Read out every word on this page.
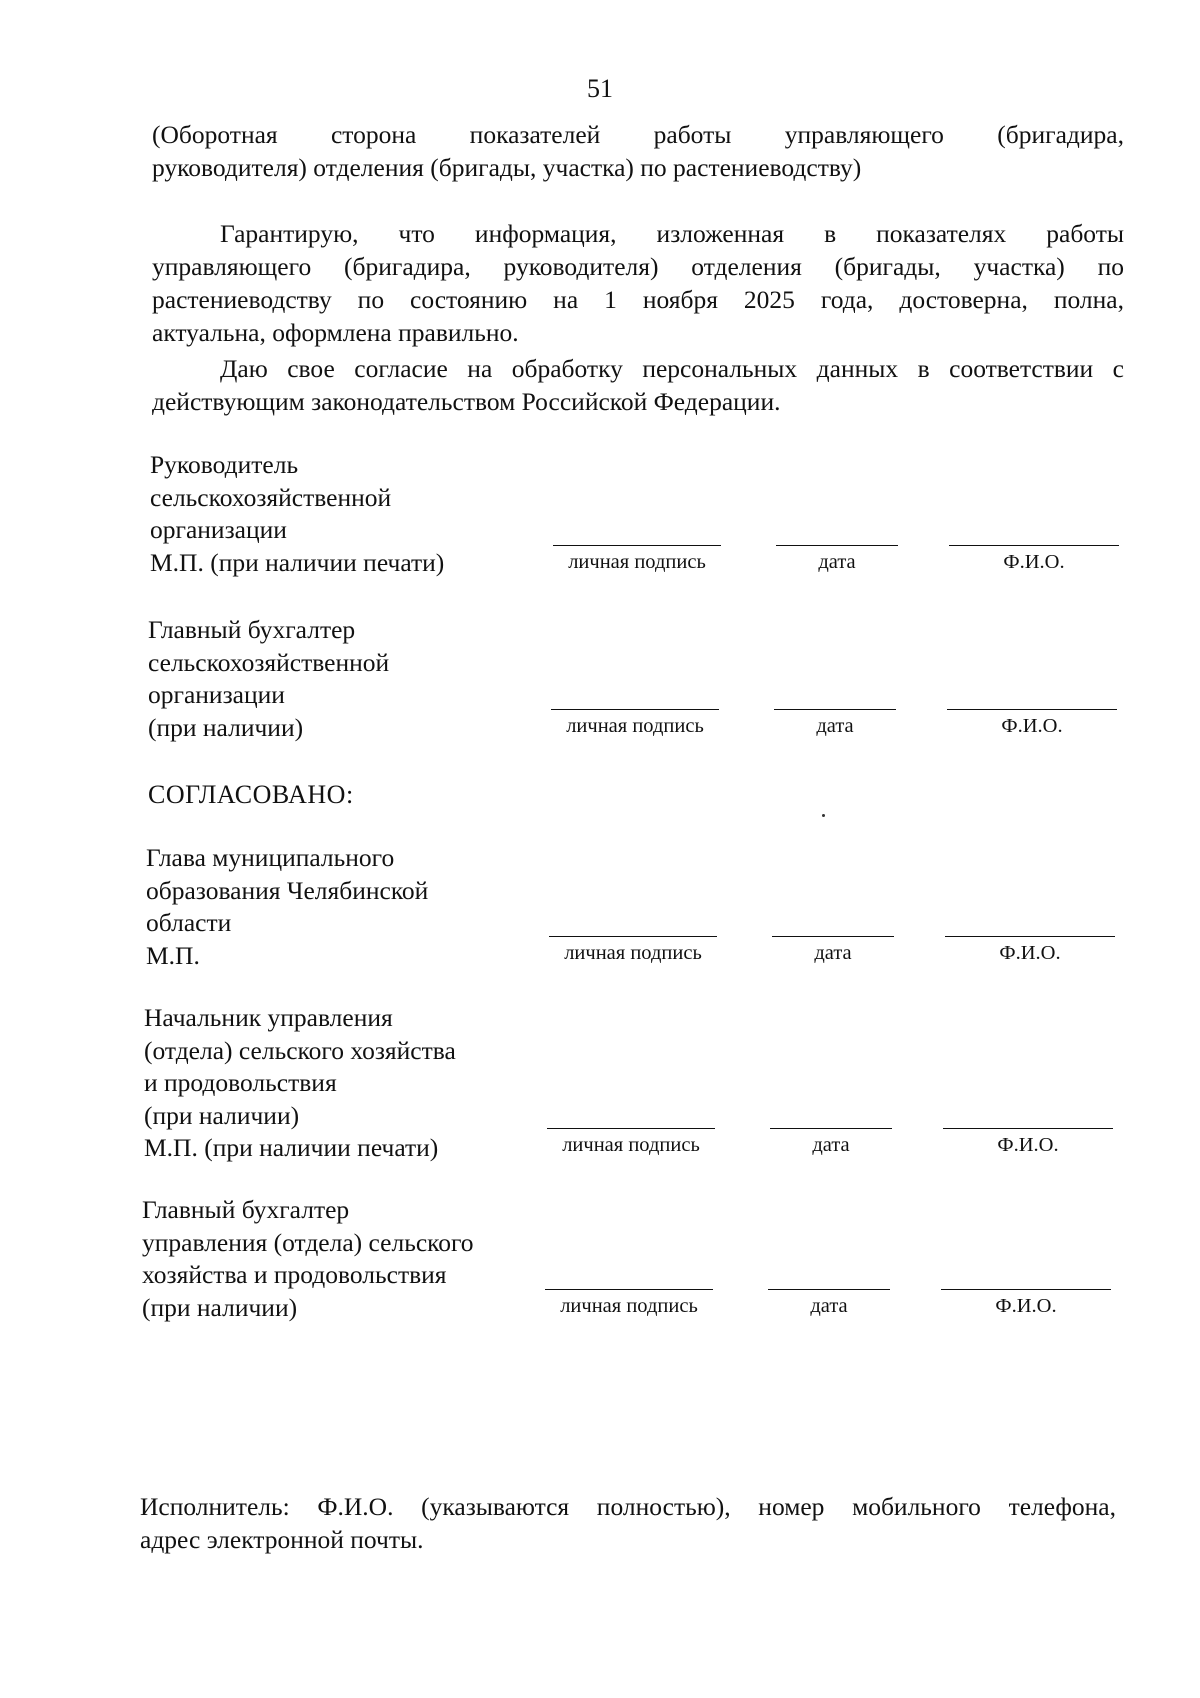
51

(Оборотная сторона показателей работы управляющего (бригадира,
руководителя) отделения (бригады, участка) по растениеводству)

Гарантирую, что информация, изложенная в показателях работы
управляющего (бригадира, руководителя) отделения (бригады, участка) по
растениеводству по состоянию на 1 ноября 2025 года, достоверна, полна,
актуальна, оформлена правильно.

Даю свое согласие на обработку персональных данных в соответствии с
действующим законодательством Российской Федерации.

Руководитель
сельскохозяйственной
организации
М.П. (при наличии печати)	личная подпись	дата	Ф.И.О.

Главный бухгалтер
сельскохозяйственной
организации
(при наличии)	личная подпись	дата	Ф.И.О.

СОГЛАСОВАНО:

Глава муниципального
образования Челябинской
области
М.П.	личная подпись	дата	Ф.И.О.

Начальник управления
(отдела) сельского хозяйства
и продовольствия
(при наличии)
М.П. (при наличии печати)	личная подпись	дата	Ф.И.О.

Главный бухгалтер
управления (отдела) сельского
хозяйства и продовольствия
(при наличии)	личная подпись	дата	Ф.И.О.

Исполнитель: Ф.И.О. (указываются полностью), номер мобильного телефона,
адрес электронной почты.
